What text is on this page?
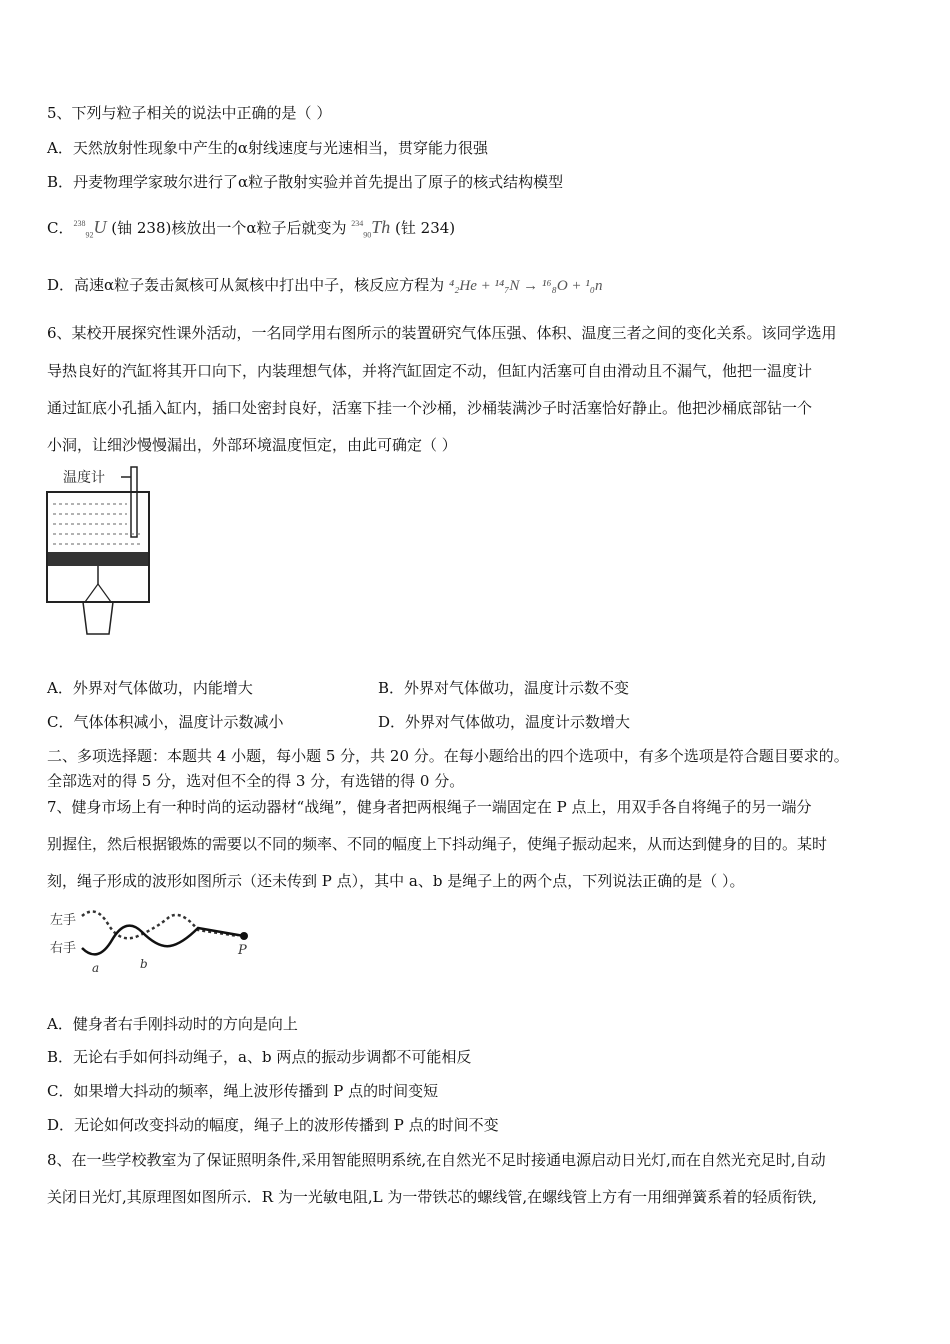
5、下列与粒子相关的说法中正确的是（ ）
A．天然放射性现象中产生的α射线速度与光速相当，贯穿能力很强
B．丹麦物理学家玻尔进行了α粒子散射实验并首先提出了原子的核式结构模型
C．$^{238}_{92}$U (铀 238)核放出一个α粒子后就变为 $^{234}_{90}$Th (钍 234)
D．高速α粒子轰击氮核可从氮核中打出中子，核反应方程为 ⁴₂He + ¹⁴₇N → ¹⁶₈O + ¹₀n
6、某校开展探究性课外活动，一名同学用右图所示的装置研究气体压强、体积、温度三者之间的变化关系。该同学选用
导热良好的汽缸将其开口向下，内装理想气体，并将汽缸固定不动，但缸内活塞可自由滑动且不漏气，他把一温度计
通过缸底小孔插入缸内，插口处密封良好，活塞下挂一个沙桶，沙桶装满沙子时活塞恰好静止。他把沙桶底部钻一个
小洞，让细沙慢慢漏出，外部环境温度恒定，由此可确定（ ）
温度计
A．外界对气体做功，内能增大	B．外界对气体做功，温度计示数不变
C．气体体积减小，温度计示数减小	D．外界对气体做功，温度计示数增大
二、多项选择题：本题共 4 小题，每小题 5 分，共 20 分。在每小题给出的四个选项中，有多个选项是符合题目要求的。
全部选对的得 5 分，选对但不全的得 3 分，有选错的得 0 分。
7、健身市场上有一种时尚的运动器材“战绳”，健身者把两根绳子一端固定在 P 点上，用双手各自将绳子的另一端分
别握住，然后根据锻炼的需要以不同的频率、不同的幅度上下抖动绳子，使绳子振动起来，从而达到健身的目的。某时
刻，绳子形成的波形如图所示（还未传到 P 点），其中 a、b 是绳子上的两个点，下列说法正确的是（ ）。
左手
右手	P
a	b
A．健身者右手刚抖动时的方向是向上
B．无论右手如何抖动绳子，a、b 两点的振动步调都不可能相反
C．如果增大抖动的频率，绳上波形传播到 P 点的时间变短
D．无论如何改变抖动的幅度，绳子上的波形传播到 P 点的时间不变
8、在一些学校教室为了保证照明条件,采用智能照明系统,在自然光不足时接通电源启动日光灯,而在自然光充足时,自动
关闭日光灯,其原理图如图所示．R 为一光敏电阻,L 为一带铁芯的螺线管,在螺线管上方有一用细弹簧系着的轻质衔铁,
